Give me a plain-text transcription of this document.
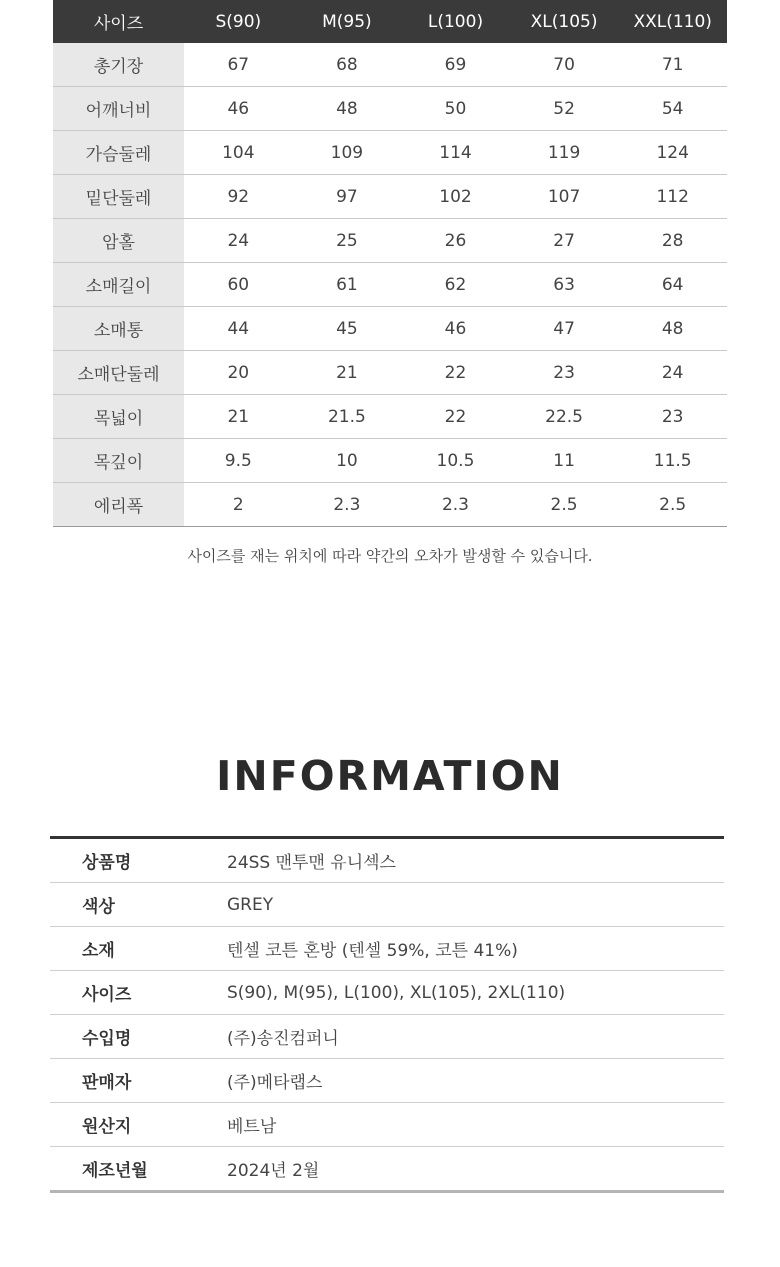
사이즈	S(90)	M(95)	L(100)	XL(105)	XXL(110)
총기장	67	68	69	70	71
어깨너비	46	48	50	52	54
가슴둘레	104	109	114	119	124
밑단둘레	92	97	102	107	112
암홀	24	25	26	27	28
소매길이	60	61	62	63	64
소매통	44	45	46	47	48
소매단둘레	20	21	22	23	24
목넓이	21	21.5	22	22.5	23
목깊이	9.5	10	10.5	11	11.5
에리폭	2	2.3	2.3	2.5	2.5
사이즈를 재는 위치에 따라 약간의 오차가 발생할 수 있습니다.
INFORMATION
상품명	24SS 맨투맨 유니섹스
색상	GREY
소재	텐셀 코튼 혼방 (텐셀 59%, 코튼 41%)
사이즈	S(90), M(95), L(100), XL(105), 2XL(110)
수입명	(주)송진컴퍼니
판매자	(주)메타랩스
원산지	베트남
제조년월	2024년 2월
